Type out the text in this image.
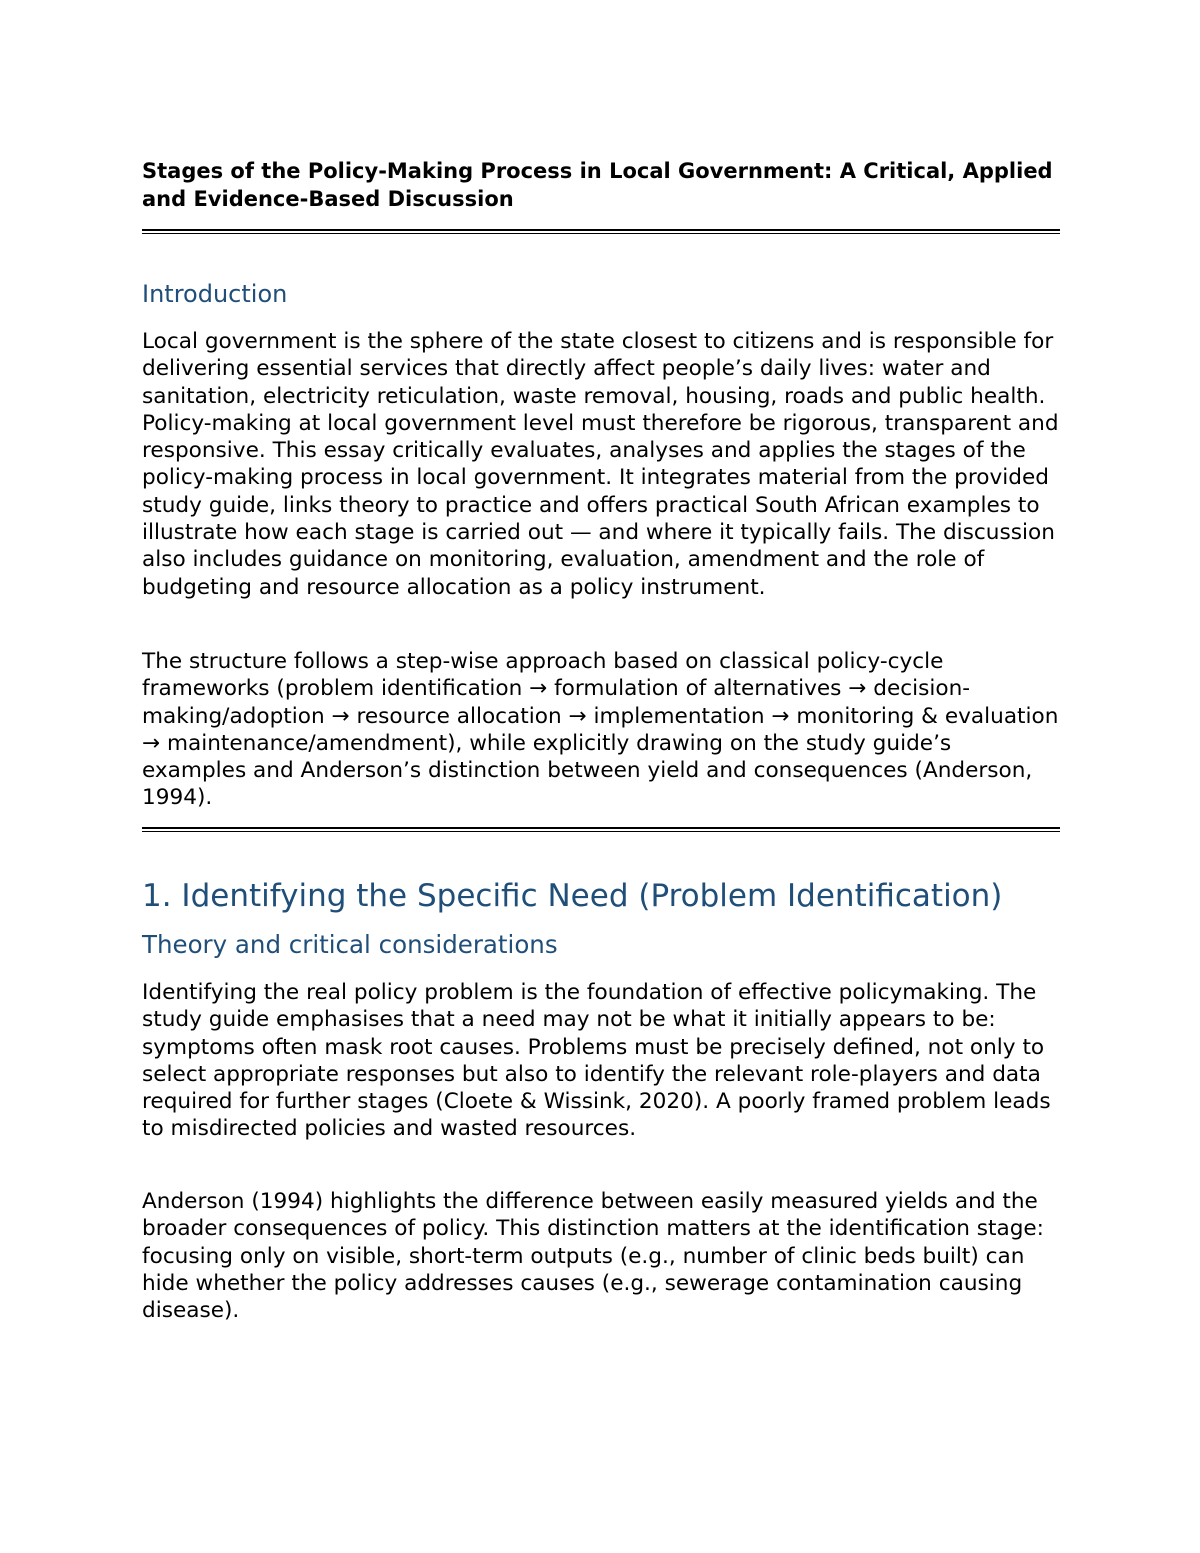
Stages of the Policy-Making Process in Local Government: A Critical, Applied and Evidence-Based Discussion
Introduction

Local government is the sphere of the state closest to citizens and is responsible for delivering essential services that directly affect people’s daily lives: water and sanitation, electricity reticulation, waste removal, housing, roads and public health. Policy-making at local government level must therefore be rigorous, transparent and responsive. This essay critically evaluates, analyses and applies the stages of the policy-making process in local government. It integrates material from the provided study guide, links theory to practice and offers practical South African examples to illustrate how each stage is carried out — and where it typically fails. The discussion also includes guidance on monitoring, evaluation, amendment and the role of budgeting and resource allocation as a policy instrument.

The structure follows a step-wise approach based on classical policy-cycle frameworks (problem identification → formulation of alternatives → decision-making/adoption → resource allocation → implementation → monitoring & evaluation → maintenance/amendment), while explicitly drawing on the study guide’s examples and Anderson’s distinction between yield and consequences (Anderson, 1994).

1. Identifying the Specific Need (Problem Identification)
Theory and critical considerations

Identifying the real policy problem is the foundation of effective policymaking. The study guide emphasises that a need may not be what it initially appears to be: symptoms often mask root causes. Problems must be precisely defined, not only to select appropriate responses but also to identify the relevant role-players and data required for further stages (Cloete & Wissink, 2020). A poorly framed problem leads to misdirected policies and wasted resources.

Anderson (1994) highlights the difference between easily measured yields and the broader consequences of policy. This distinction matters at the identification stage: focusing only on visible, short-term outputs (e.g., number of clinic beds built) can hide whether the policy addresses causes (e.g., sewerage contamination causing disease).
